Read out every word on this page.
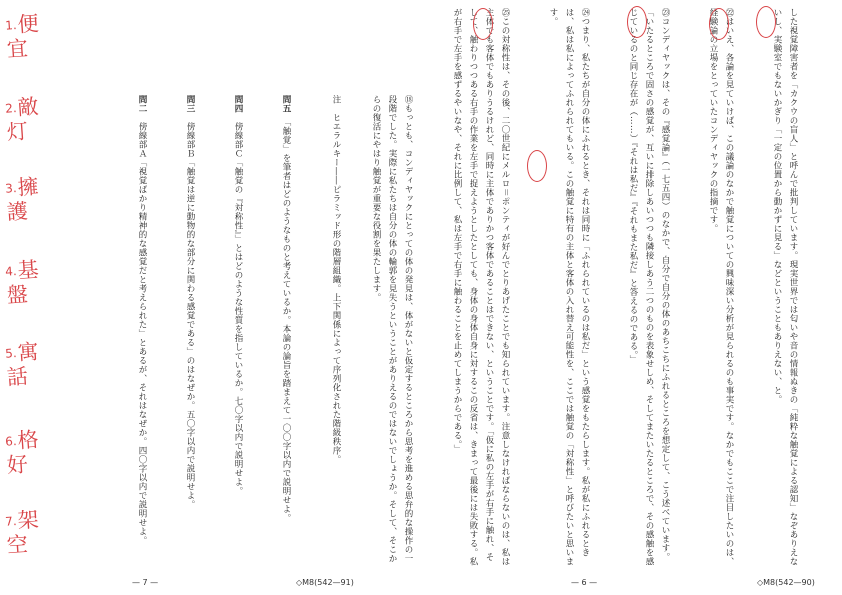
$^{1.}$便宜
$^{2.}$敵灯
$^{3.}$擁護
$^{4.}$基盤
$^{5.}$寓話
$^{6.}$格好
$^{7.}$架空

問五　「触覚」を筆者はどのようなものと考えているか。本論の論旨を踏まえて一〇〇字以内で説明せよ。

問四　傍線部Ｃ「触覚の『対称性』」とはどのような性質を指しているか。七〇字以内で説明せよ。

問三　傍線部Ｂ「触覚は逆に動物的な部分に関わる感覚である」のはなぜか。五〇字以内で説明せよ。

問二　傍線部Ａ「視覚ばかり精神的な感覚だと考えられた」とあるが、それはなぜか。四〇字以内で説明せよ。

	注　ヒエラルキー――ピラミッド形の階層組織。上下関係によって序列化された階級秩序。	⑱もっとも、コンディヤックにとっての体の発見は、体がないと仮定するところから思考を進める思弁的な操作の一段階でした。実際に私たちは自分の体の輪郭を見失うということがありえるのではないでしょうか。そして、そこからの復活にやはり触覚が重要な役割を果たします。
— 7 —	◇M8(542—91)

した視覚障害者を「カクウの盲人」と呼んで批判しています。現実世界では匂いや音の情報ぬきの「純粋な触覚による認知」なぞありえないし、実験室でもないかぎり「一定の位置から動かずに見る」などということもありえない、と。

㉒はいえ、各論を見ていけば、この議論のなかで触覚についての興味深い分析が見られるのも事実です。なかでもここで注目したいのは、経験論の立場をとっていたコンディヤックの指摘です。

㉓コンディヤックは、その『感覚論』（一七五四）のなかで、自分で自分の体のあちこちにふれるところを想定して、こう述べています。「いたるところで固さの感覚が、互いに排除しあいつつも隣接しあう二つのものを表象せしめ、そしてまたいたるところで、その感触を感じているのと同じ存在が（……）『それは私だ』『それもまた私だ』と答えるのである。」

㉔つまり、私たちが自分の体にふれるとき、それは同時に「ふれられているのは私だ」という感覚をもたらします。私が私にふれるときは、私は私によってふれられてもいる。この触覚に特有の主体と客体の入れ替え可能性を、ここでは触覚の「対称性」と呼びたいと思います。

㉕この対称性は、その後、二〇世紀にメルロ＝ポンティが好んでとりあげたことでも知られています。注意しなければならないのは、私は主体でも客体でもありうるけれど、同時に主体でありかつ客体であることはできない、ということです。「仮に私の左手が右手に触れ、そして、触わりつつある右手の作業を左手で捉えようとしたとしても、身体の身体自身に対するこの反省は、きまって最後には失敗する。私が右手で左手を感ずるやいなや、それに比例して、私は左手で右手に触わることを止めてしまうからである。」

— 6 —	◇M8(542—90)
